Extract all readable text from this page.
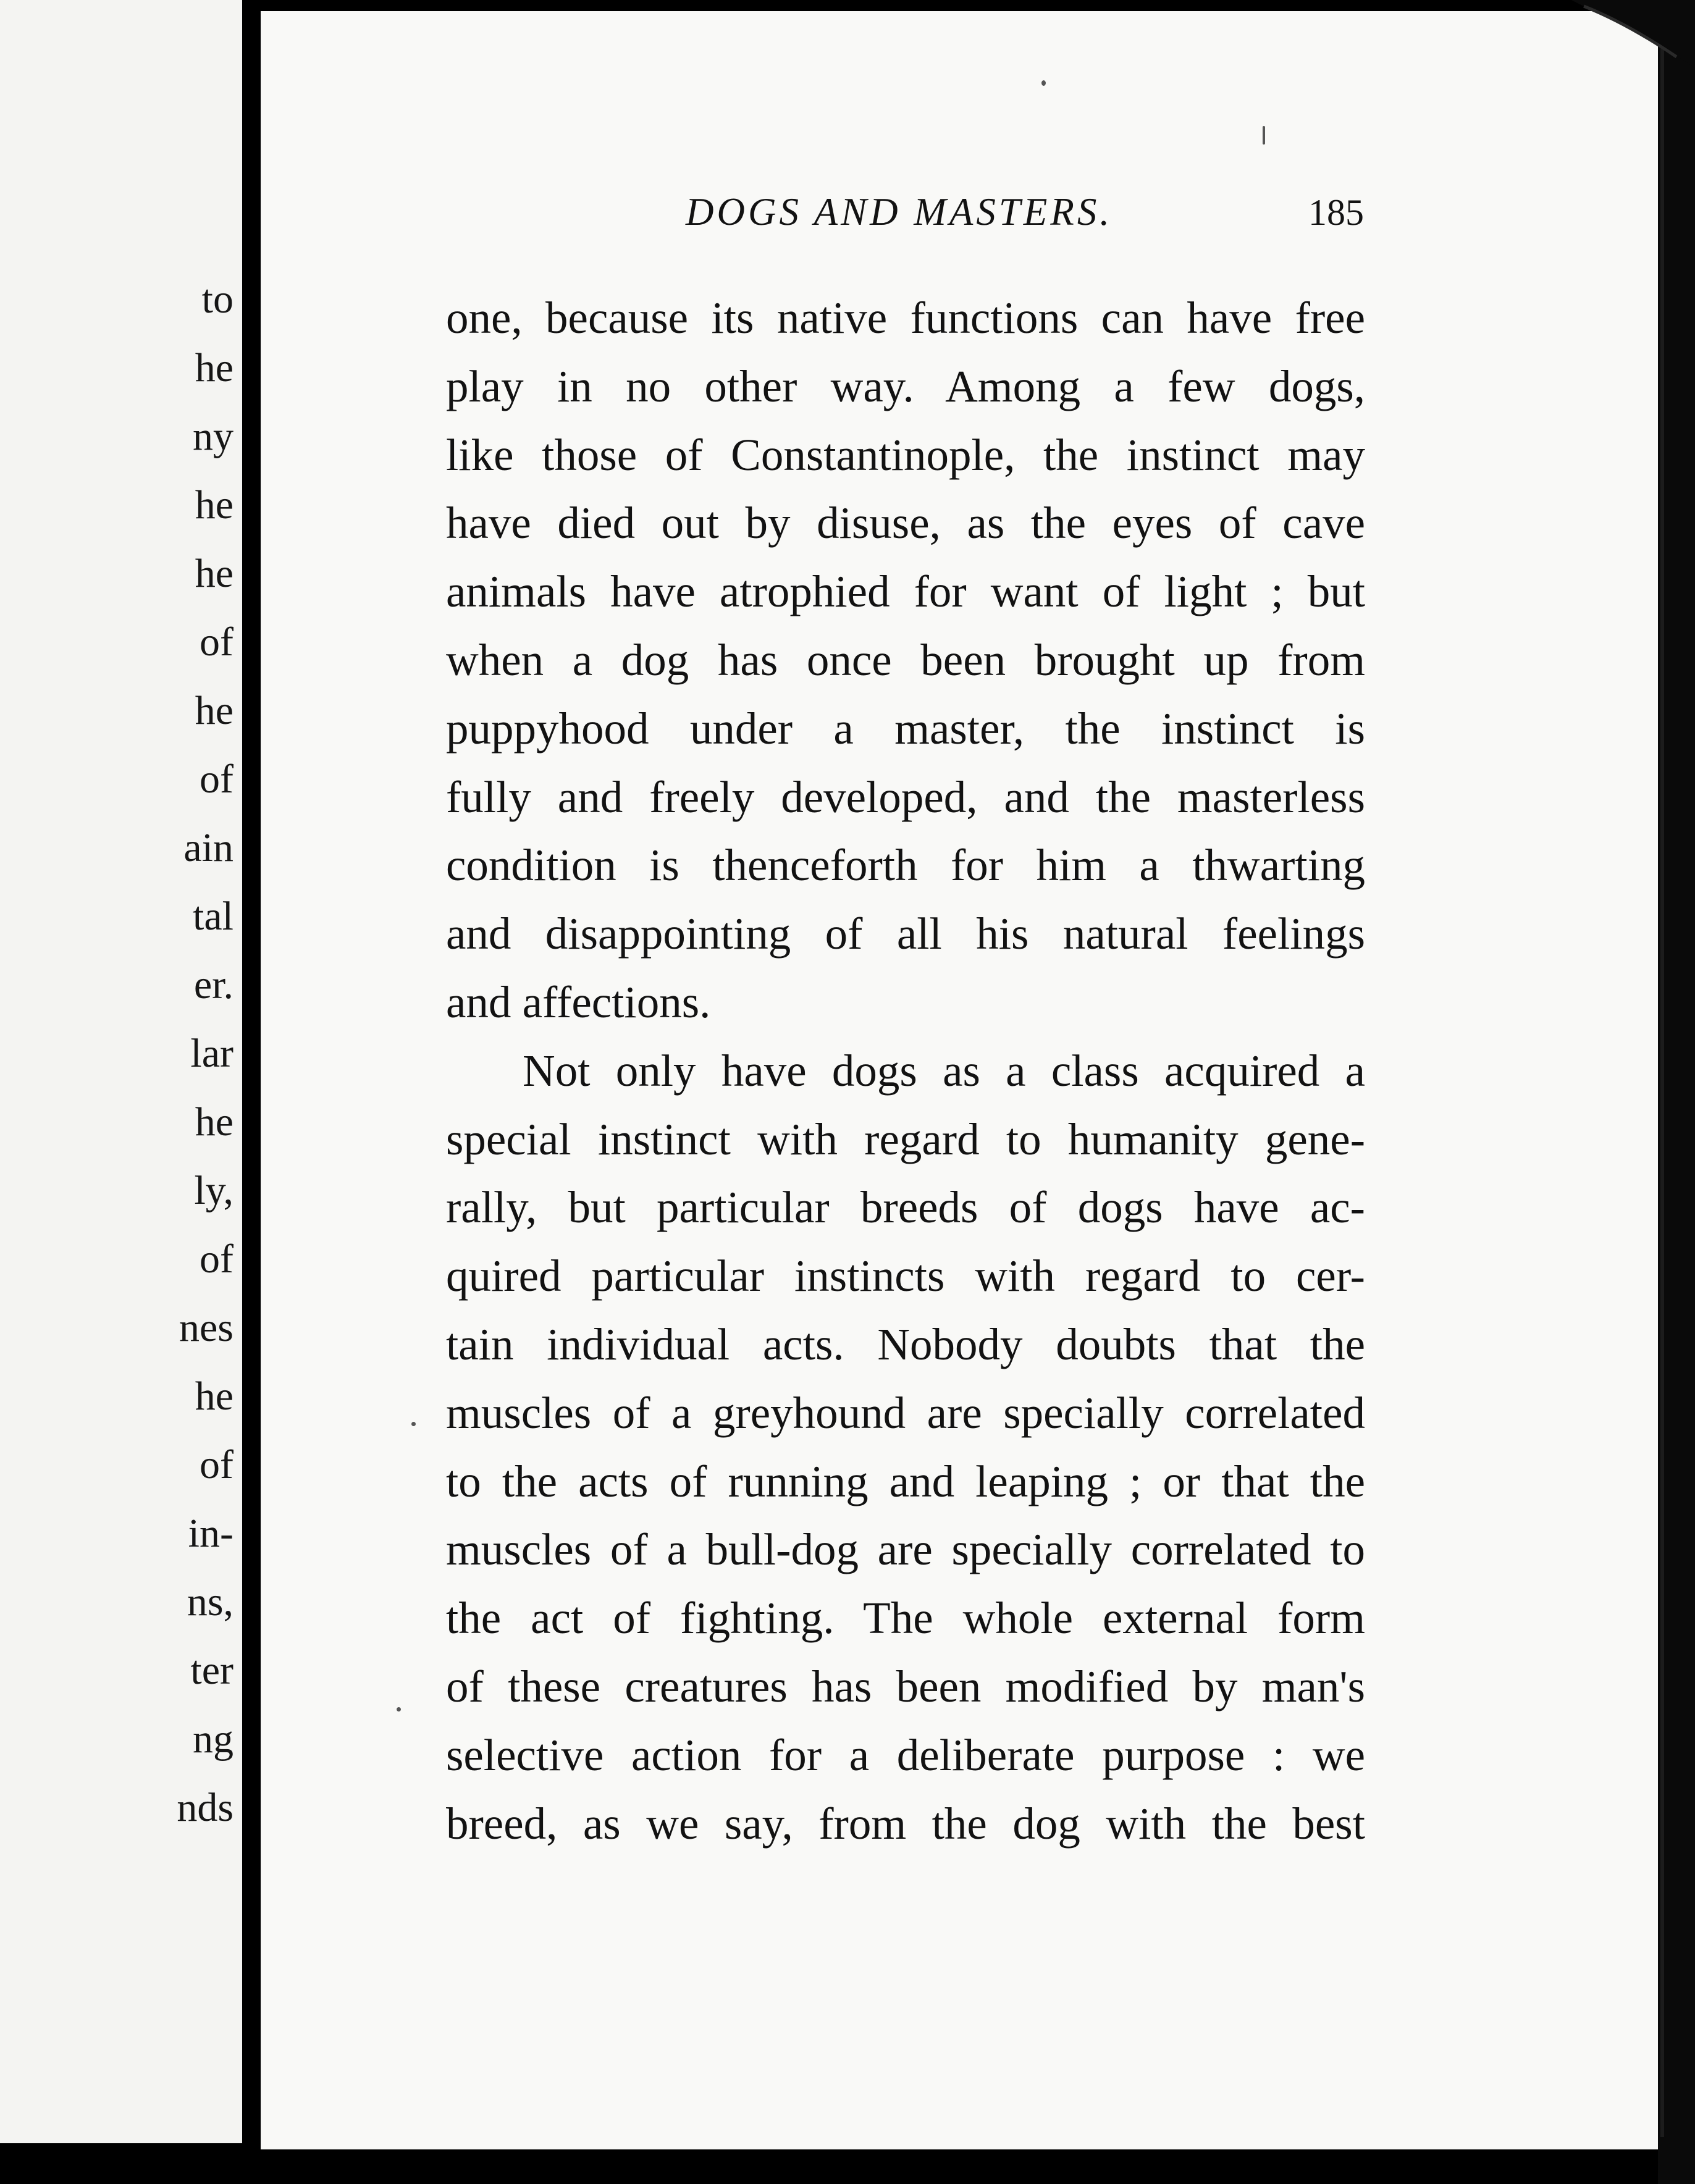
to
he
ny
he
he
of
he
of
ain
tal
er.
lar
he
ly,
of
nes
he
of
in-
ns,
ter
ng
nds
DOGS AND MASTERS.	185
one, because its native functions can have free
play in no other way. Among a few dogs,
like those of Constantinople, the instinct may
have died out by disuse, as the eyes of cave
animals have atrophied for want of light ; but
when a dog has once been brought up from
puppyhood under a master, the instinct is
fully and freely developed, and the masterless
condition is thenceforth for him a thwarting
and disappointing of all his natural feelings
and affections.
Not only have dogs as a class acquired a
special instinct with regard to humanity gene-
rally, but particular breeds of dogs have ac-
quired particular instincts with regard to cer-
tain individual acts. Nobody doubts that the
muscles of a greyhound are specially correlated
to the acts of running and leaping ; or that the
muscles of a bull-dog are specially correlated to
the act of fighting. The whole external form
of these creatures has been modified by man's
selective action for a deliberate purpose : we
breed, as we say, from the dog with the best
